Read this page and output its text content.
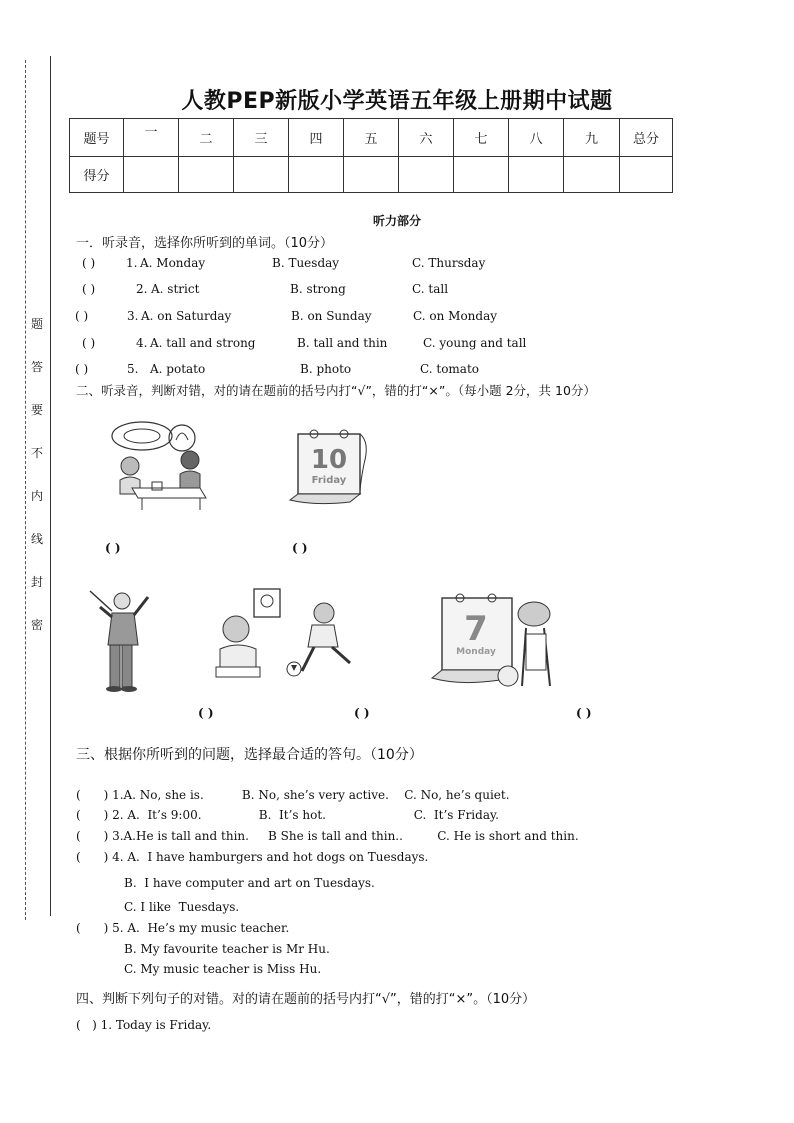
题
答
要
不
内
线
封
密
人教PEP新版小学英语五年级上册期中试题
题号	一	二	三	四	五	六	七	八	九	总分
得分										
听力部分
一．听录音，选择你所听到的单词。（10分）
( )	1. A. Monday	B. Tuesday	C. Thursday
( )	2. A. strict	B. strong	C. tall
( )	3. A. on Saturday	B. on Sunday	C. on Monday
( )	4. A. tall and strong	B. tall and thin	C. young and tall
( )	5. A. potato	B. photo	C. tomato
二、听录音，判断对错，对的请在题前的括号内打“√”，错的打“×”。（每小题 2分，共 10分）
10
Friday
( )	( )
7
Monday
( )	( )	( )
三、根据你所听到的问题，选择最合适的答句。（10分）
(      ) 1.A. No, she is.          B. No, she’s very active.    C. No, he’s quiet.
(      ) 2. A.  It’s 9:00.               B.  It’s hot.                       C.  It’s Friday.
(      ) 3.A.He is tall and thin.     B She is tall and thin..         C. He is short and thin.
(      ) 4. A.  I have hamburgers and hot dogs on Tuesdays.
B.  I have computer and art on Tuesdays.
C. I like  Tuesdays.
(      ) 5. A.  He’s my music teacher.
B. My favourite teacher is Mr Hu.
C. My music teacher is Miss Hu.
四、判断下列句子的对错。对的请在题前的括号内打“√”，错的打“×”。（10分）
(   ) 1. Today is Friday.
